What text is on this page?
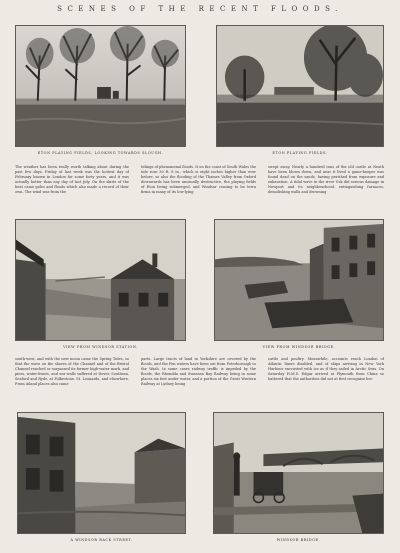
SCENES OF THE RECENT FLOODS.
ETON PLAYING FIELDS, LOOKING TOWARDS SLOUGH.	ETON PLAYING FIELDS.
The weather has been really worth talking about during the past few days. Friday of last week was the hottest day of February known in London for some forty years, and it was actually hotter than any day of last July. On the skirts of the heat came gales and floods which also made a record of their own. The wind was from the
tidings of phenomenal floods. It on the coast of South Wales the tide rose 30 ft. 8 in., which is eight inches higher than ever before, so also the flooding of the Thames Valley from Oxford downwards has been unusually destructive, the playing fields of Eton being submerged, and Windsor ceasing to be terra firma in many of its low-lying
swept away. Nearly a hundred tons of the old castle at Neath have been blown down, and near it lived a game-keeper was found dead on the sands, having perished from exposure and exhaustion. A tidal wave in the river Usk did serious damage in Newport and its neighbourhood, extinguishing furnaces, demolishing walls and drowning
VIEW FROM WINDSOR STATION.	VIEW FROM WINDSOR BRIDGE.
south-west, and with the new moon came the Spring Tides, so that the wave on the shores of the Channel and of the Bristol Channel reached or surpassed its former high-water mark, and piers, water-fronts, and sea-walls suffered at Dover, Southsea, Seaford and Ryde, at Folkestone, St. Leonards, and elsewhere. From inland places also came
parts. Large tracts of land in Yorkshire are covered by the floods, and the Fen waters have been out from Peterborough to the Wash. In some cases railway traffic is impeded by the floods, the Rhondda and Swansea Bay Railway being in some places six feet under water, and a portion of the Great Western Railway at Lydney being
cattle and poultry. Meanwhile, accounts reach London of Atlantic liners disabled, and of ships arriving in New York Harbour encrusted with ice as if they sailed in Arctic Seas. On Saturday H.M.S. Edgar arrived at Plymouth from China so battered that the authorities did not at first recognise her.
A WINDSOR BACK STREET.	WINDSOR BRIDGE.
